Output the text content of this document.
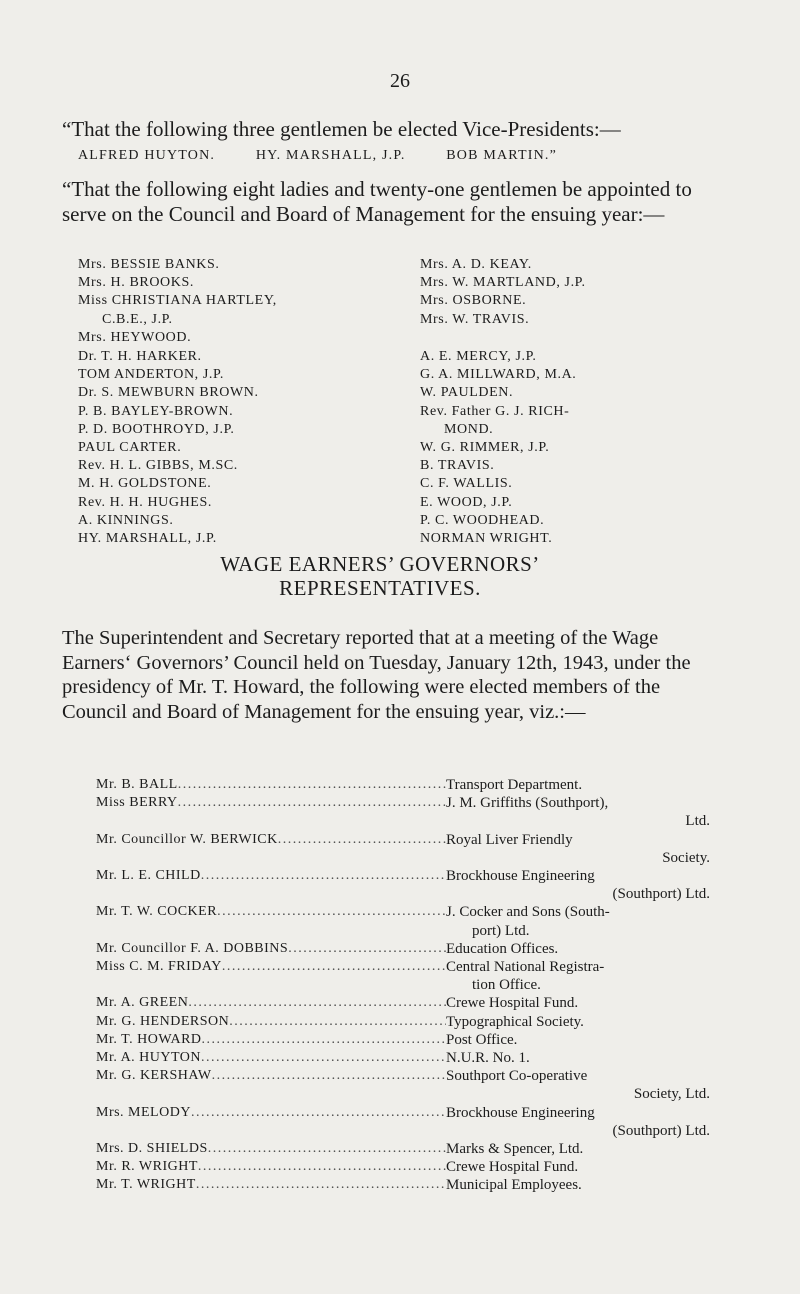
26

“That the following three gentlemen be elected Vice-Presidents:—

ALFRED HUYTON.	HY. MARSHALL, J.P.	BOB MARTIN.”

“That the following eight ladies and twenty-one gentlemen be appointed to serve on the Council and Board of Management for the ensuing year:—

Mrs. BESSIE BANKS.
Mrs. H. BROOKS.
Miss CHRISTIANA HARTLEY,
C.B.E., J.P.
Mrs. HEYWOOD.
Mrs. A. D. KEAY.
Mrs. W. MARTLAND, J.P.
Mrs. OSBORNE.
Mrs. W. TRAVIS.
Dr. T. H. HARKER.
TOM ANDERTON, J.P.
Dr. S. MEWBURN BROWN.
P. B. BAYLEY-BROWN.
P. D. BOOTHROYD, J.P.
PAUL CARTER.
Rev. H. L. GIBBS, M.SC.
M. H. GOLDSTONE.
Rev. H. H. HUGHES.
A. KINNINGS.
HY. MARSHALL, J.P.
A. E. MERCY, J.P.
G. A. MILLWARD, M.A.
W. PAULDEN.
Rev. Father G. J. RICH-
MOND.
W. G. RIMMER, J.P.
B. TRAVIS.
C. F. WALLIS.
E. WOOD, J.P.
P. C. WOODHEAD.
NORMAN WRIGHT.
WAGE EARNERS’ GOVERNORS’
REPRESENTATIVES.

The Superintendent and Secretary reported that at a meeting of the Wage Earners‘ Governors’ Council held on Tuesday, January 12th, 1943, under the presidency of Mr. T. Howard, the following were elected members of the Council and Board of Management for the ensuing year, viz.:—

Mr. B. BALL .....	Transport Department.
Miss BERRY .....	J. M. Griffiths (Southport),
Ltd.
Mr. Councillor W. BERWICK .....	Royal Liver Friendly
Society.
Mr. L. E. CHILD .....	Brockhouse Engineering
(Southport) Ltd.
Mr. T. W. COCKER .....	J. Cocker and Sons (South-
port) Ltd.
Mr. Councillor F. A. DOBBINS .....	Education Offices.
Miss C. M. FRIDAY .....	Central National Registra-
tion Office.
Mr. A. GREEN .....	Crewe Hospital Fund.
Mr. G. HENDERSON .....	Typographical Society.
Mr. T. HOWARD .....	Post Office.
Mr. A. HUYTON .....	N.U.R. No. 1.
Mr. G. KERSHAW .....	Southport Co-operative
Society, Ltd.
Mrs. MELODY .....	Brockhouse Engineering
(Southport) Ltd.
Mrs. D. SHIELDS .....	Marks & Spencer, Ltd.
Mr. R. WRIGHT .....	Crewe Hospital Fund.
Mr. T. WRIGHT .....	Municipal Employees.
